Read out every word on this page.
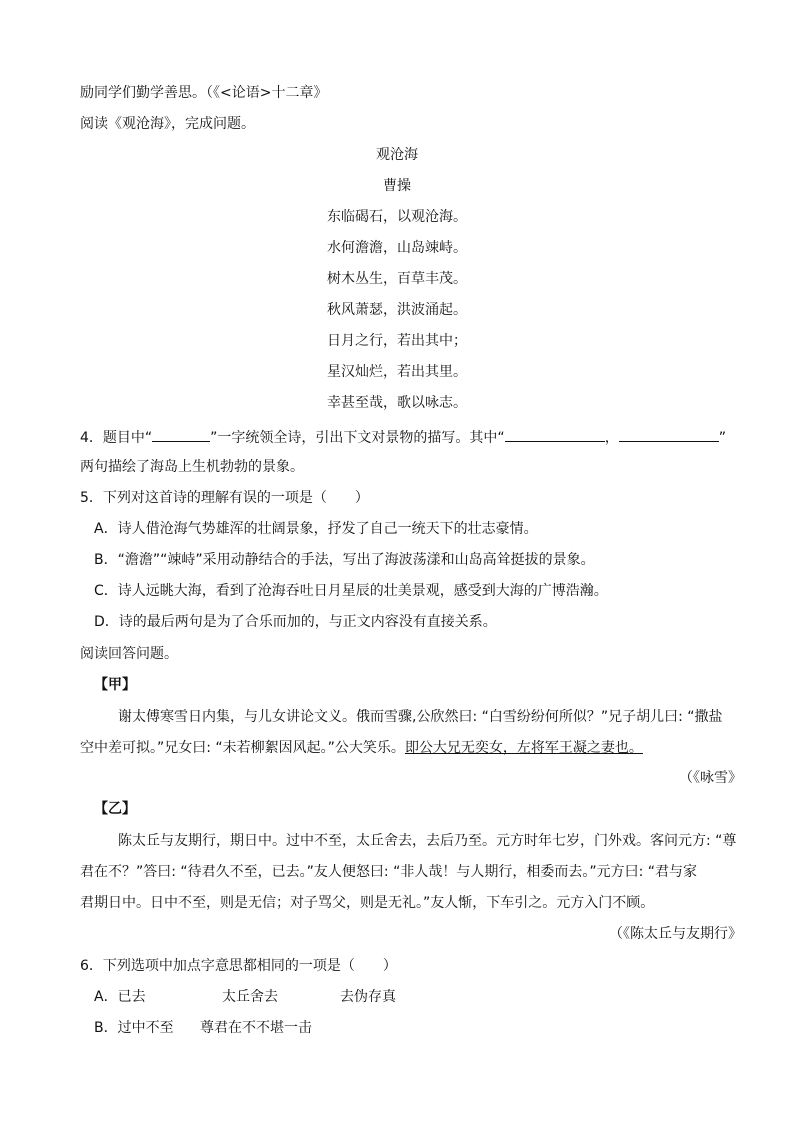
励同学们勤学善思。（《<论语>十二章》
阅读《观沧海》，完成问题。
观沧海
曹操
东临碣石，以观沧海。
水何澹澹，山岛竦峙。
树木丛生，百草丰茂。
秋风萧瑟，洪波涌起。
日月之行，若出其中；
星汉灿烂，若出其里。
幸甚至哉，歌以咏志。
4．题目中“	”一字统领全诗，引出下文对景物的描写。其中“	，	”
两句描绘了海岛上生机勃勃的景象。
5．下列对这首诗的理解有误的一项是（　　）
A．诗人借沧海气势雄浑的壮阔景象，抒发了自己一统天下的壮志豪情。
B．“澹澹”“竦峙”采用动静结合的手法，写出了海波荡漾和山岛高耸挺拔的景象。
C．诗人远眺大海，看到了沧海吞吐日月星辰的壮美景观，感受到大海的广博浩瀚。
D．诗的最后两句是为了合乐而加的，与正文内容没有直接关系。
阅读回答问题。
【甲】
谢太傅寒雪日内集，与儿女讲论文义。俄而雪骤,公欣然曰: “白雪纷纷何所似？”兄子胡儿曰: “撒盐
空中差可拟。”兄女曰: “未若柳絮因风起。”公大笑乐。即公大兄无奕女，左将军王凝之妻也。
（《咏雪》
【乙】
陈太丘与友期行，期日中。过中不至，太丘舍去，去后乃至。元方时年七岁，门外戏。客问元方: “尊
君在不？”答曰: “待君久不至，已去。”友人便怒曰: “非人哉！与人期行，相委而去。”元方曰: “君与家
君期日中。日中不至，则是无信；对子骂父，则是无礼。”友人惭，下车引之。元方入门不顾。
（《陈太丘与友期行》
6．下列选项中加点字意思都相同的一项是（　　）
A．已去	太丘舍去	去伪存真
B．过中不至 尊君在不不堪一击
